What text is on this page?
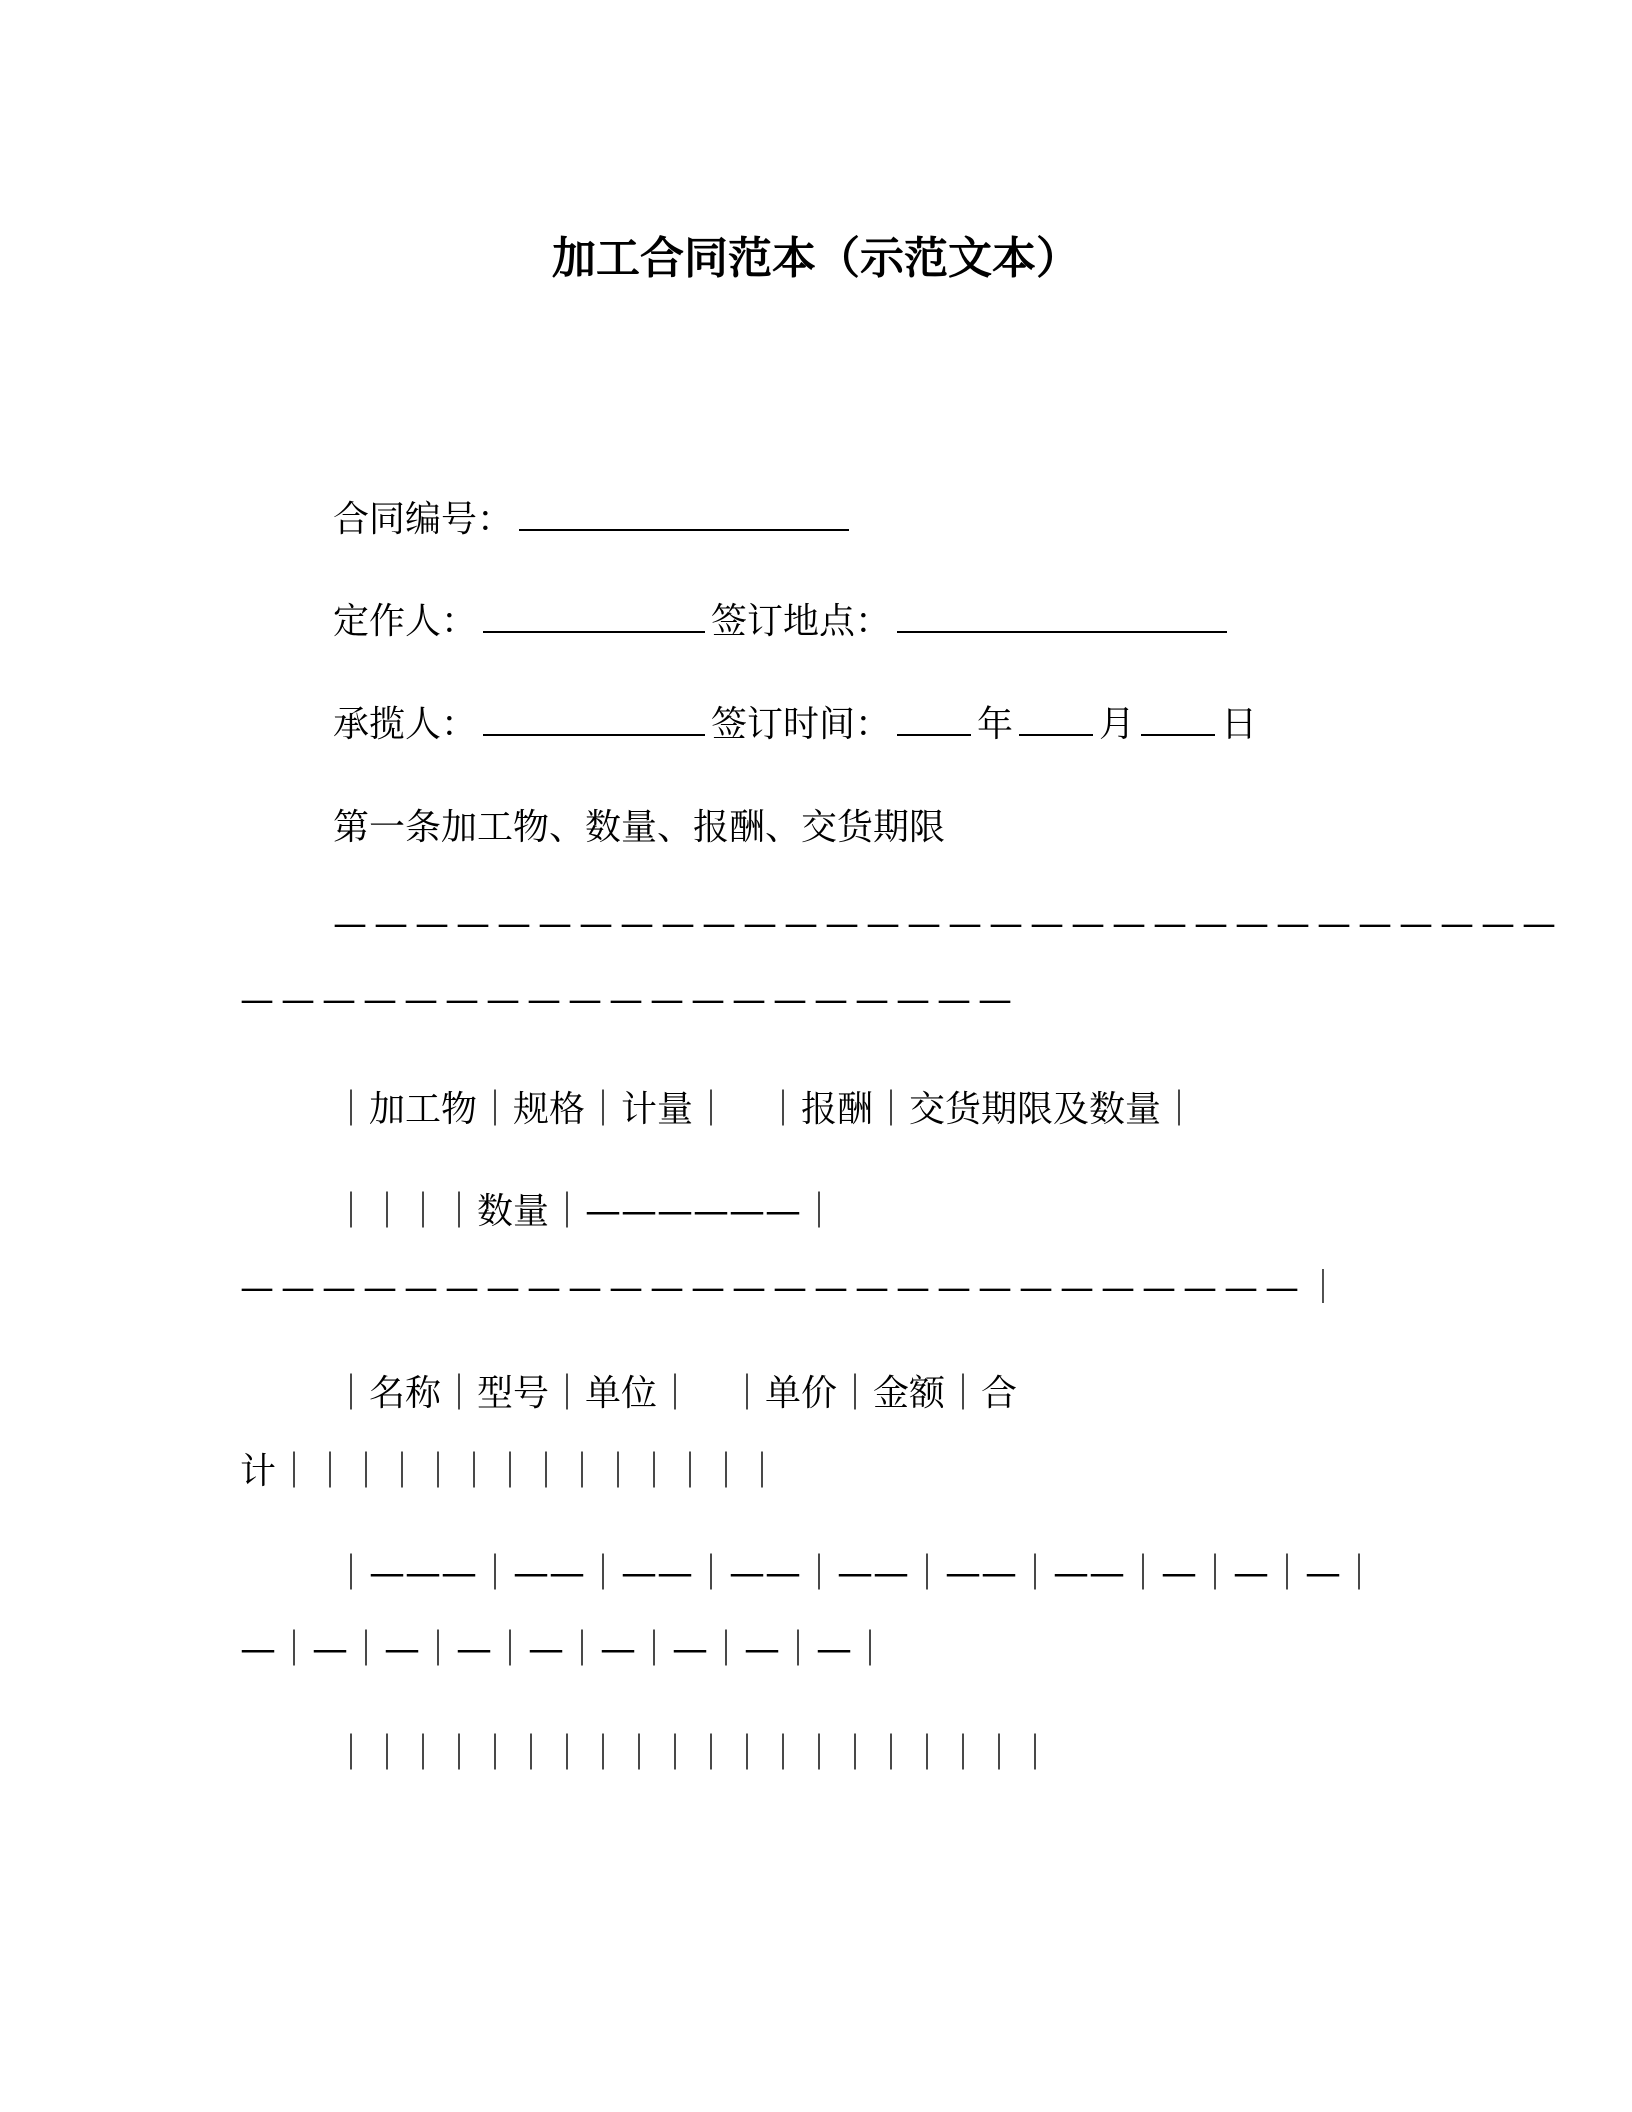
加工合同范本（示范文本）
合同编号：
定作人：	签订地点：
承揽人：	签订时间： 年 月 日
第一条加工物、数量、报酬、交货期限
——————————————————————————————
———————————————————
｜加工物｜规格｜计量｜　｜报酬｜交货期限及数量｜
｜｜｜｜数量｜——————｜
——————————————————————————｜
｜名称｜型号｜单位｜　｜单价｜金额｜合
计｜｜｜｜｜｜｜｜｜｜｜｜｜｜
｜———｜——｜——｜——｜——｜——｜——｜—｜—｜—｜
—｜—｜—｜—｜—｜—｜—｜—｜—｜
｜｜｜｜｜｜｜｜｜｜｜｜｜｜｜｜｜｜｜｜
